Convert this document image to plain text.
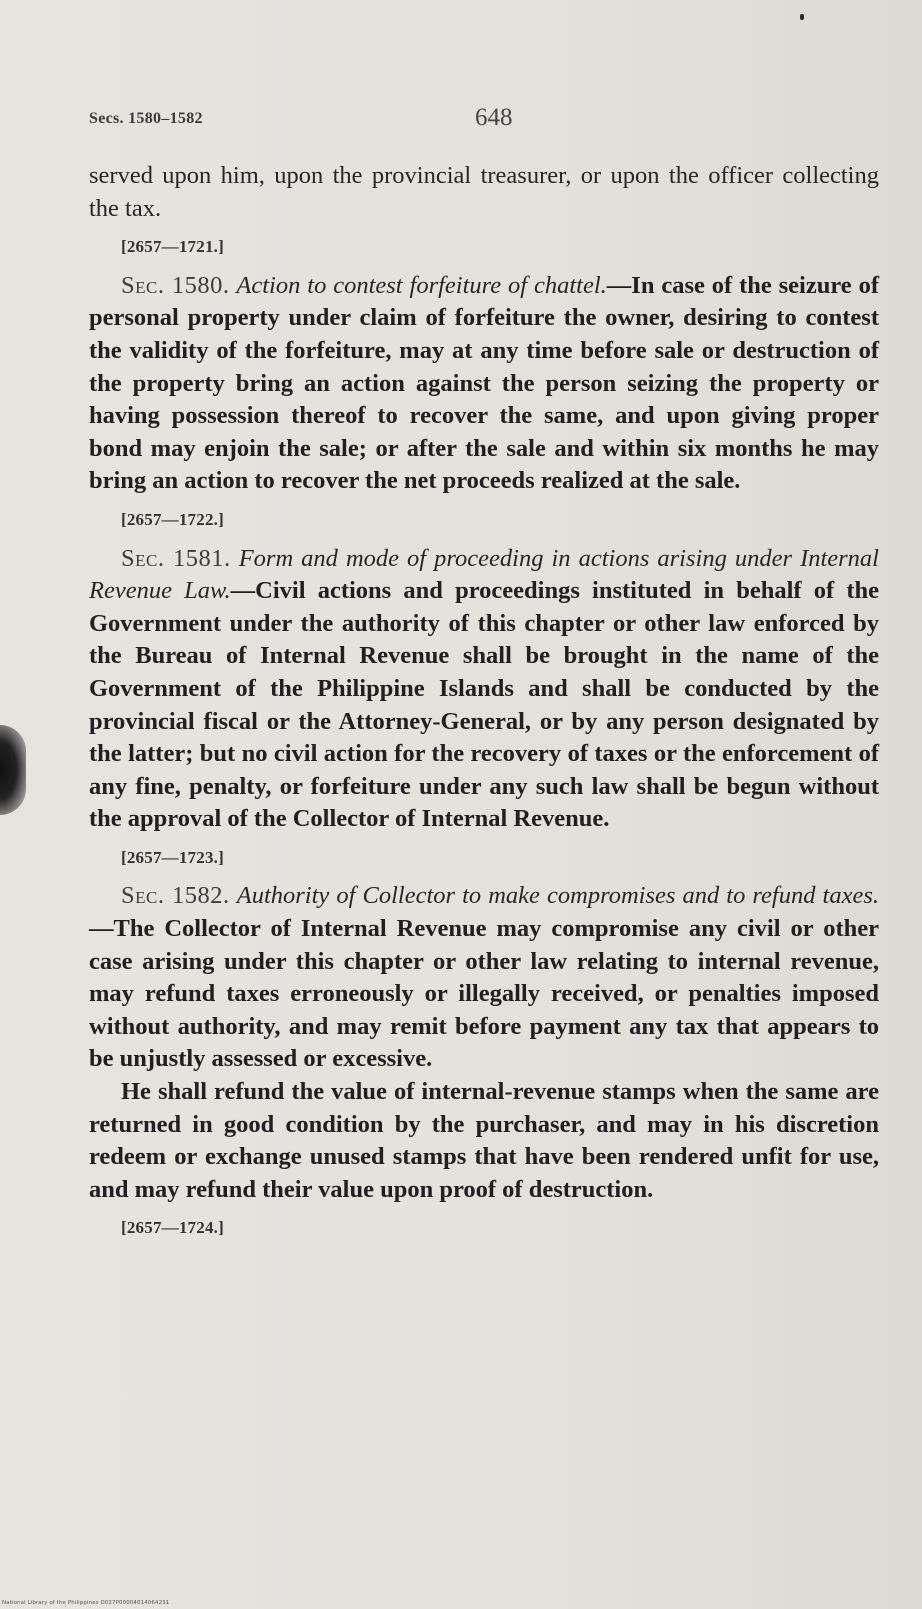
Secs. 1580–1582	648

served upon him, upon the provincial treasurer, or upon the officer collecting the tax.

[2657—1721.]

Sec. 1580. Action to contest forfeiture of chattel.—In case of the seizure of personal property under claim of forfeiture the owner, desiring to contest the validity of the forfeiture, may at any time before sale or destruction of the property bring an action against the person seizing the property or having possession thereof to recover the same, and upon giving proper bond may enjoin the sale; or after the sale and within six months he may bring an action to recover the net proceeds realized at the sale.

[2657—1722.]

Sec. 1581. Form and mode of proceeding in actions arising under Internal Revenue Law.—Civil actions and proceedings instituted in behalf of the Government under the authority of this chapter or other law enforced by the Bureau of Internal Revenue shall be brought in the name of the Government of the Philippine Islands and shall be conducted by the provincial fiscal or the Attorney-General, or by any person designated by the latter; but no civil action for the recovery of taxes or the enforcement of any fine, penalty, or forfeiture under any such law shall be begun without the approval of the Collector of Internal Revenue.

[2657—1723.]

Sec. 1582. Authority of Collector to make compromises and to refund taxes.—The Collector of Internal Revenue may compromise any civil or other case arising under this chapter or other law relating to internal revenue, may refund taxes erroneously or illegally received, or penalties imposed without authority, and may remit before payment any tax that appears to be unjustly assessed or excessive.

He shall refund the value of internal-revenue stamps when the same are returned in good condition by the purchaser, and may in his discretion redeem or exchange unused stamps that have been rendered unfit for use, and may refund their value upon proof of destruction.

[2657—1724.]

National Library of the Philippines D027P00004014064231
